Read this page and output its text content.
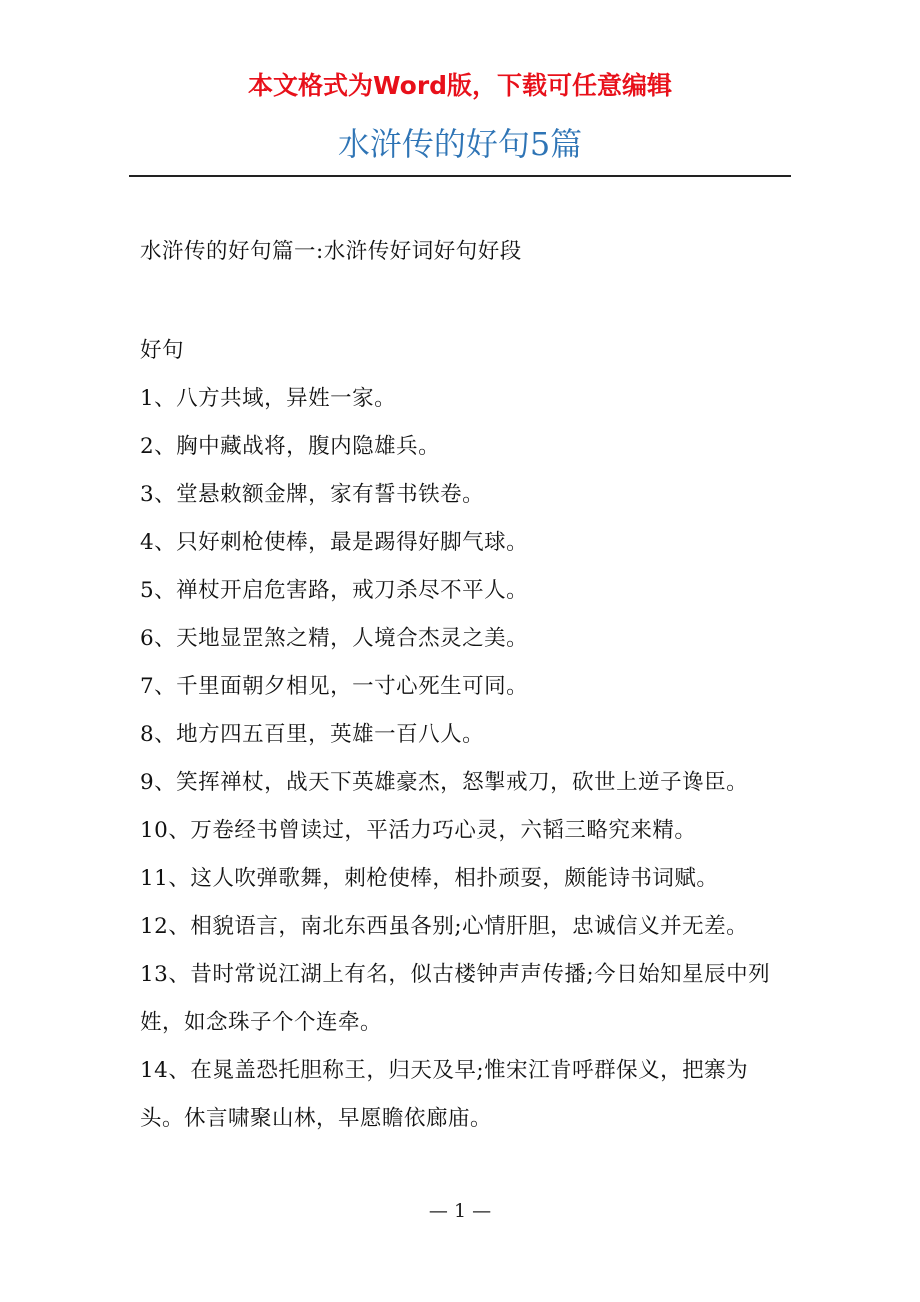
本文格式为Word版，下载可任意编辑
水浒传的好句5篇
水浒传的好句篇一:水浒传好词好句好段
好句
1、八方共域，异姓一家。
2、胸中藏战将，腹内隐雄兵。
3、堂悬敕额金牌，家有誓书铁卷。
4、只好刺枪使棒，最是踢得好脚气球。
5、禅杖开启危害路，戒刀杀尽不平人。
6、天地显罡煞之精，人境合杰灵之美。
7、千里面朝夕相见，一寸心死生可同。
8、地方四五百里，英雄一百八人。
9、笑挥禅杖，战天下英雄豪杰，怒掣戒刀，砍世上逆子谗臣。
10、万卷经书曾读过，平活力巧心灵，六韬三略究来精。
11、这人吹弹歌舞，刺枪使棒，相扑顽耍，颇能诗书词赋。
12、相貌语言，南北东西虽各别;心情肝胆，忠诚信义并无差。
13、昔时常说江湖上有名，似古楼钟声声传播;今日始知星辰中列姓，如念珠子个个连牵。
14、在晁盖恐托胆称王，归天及早;惟宋江肯呼群保义，把寨为头。休言啸聚山林，早愿瞻依廊庙。
— 1 —
